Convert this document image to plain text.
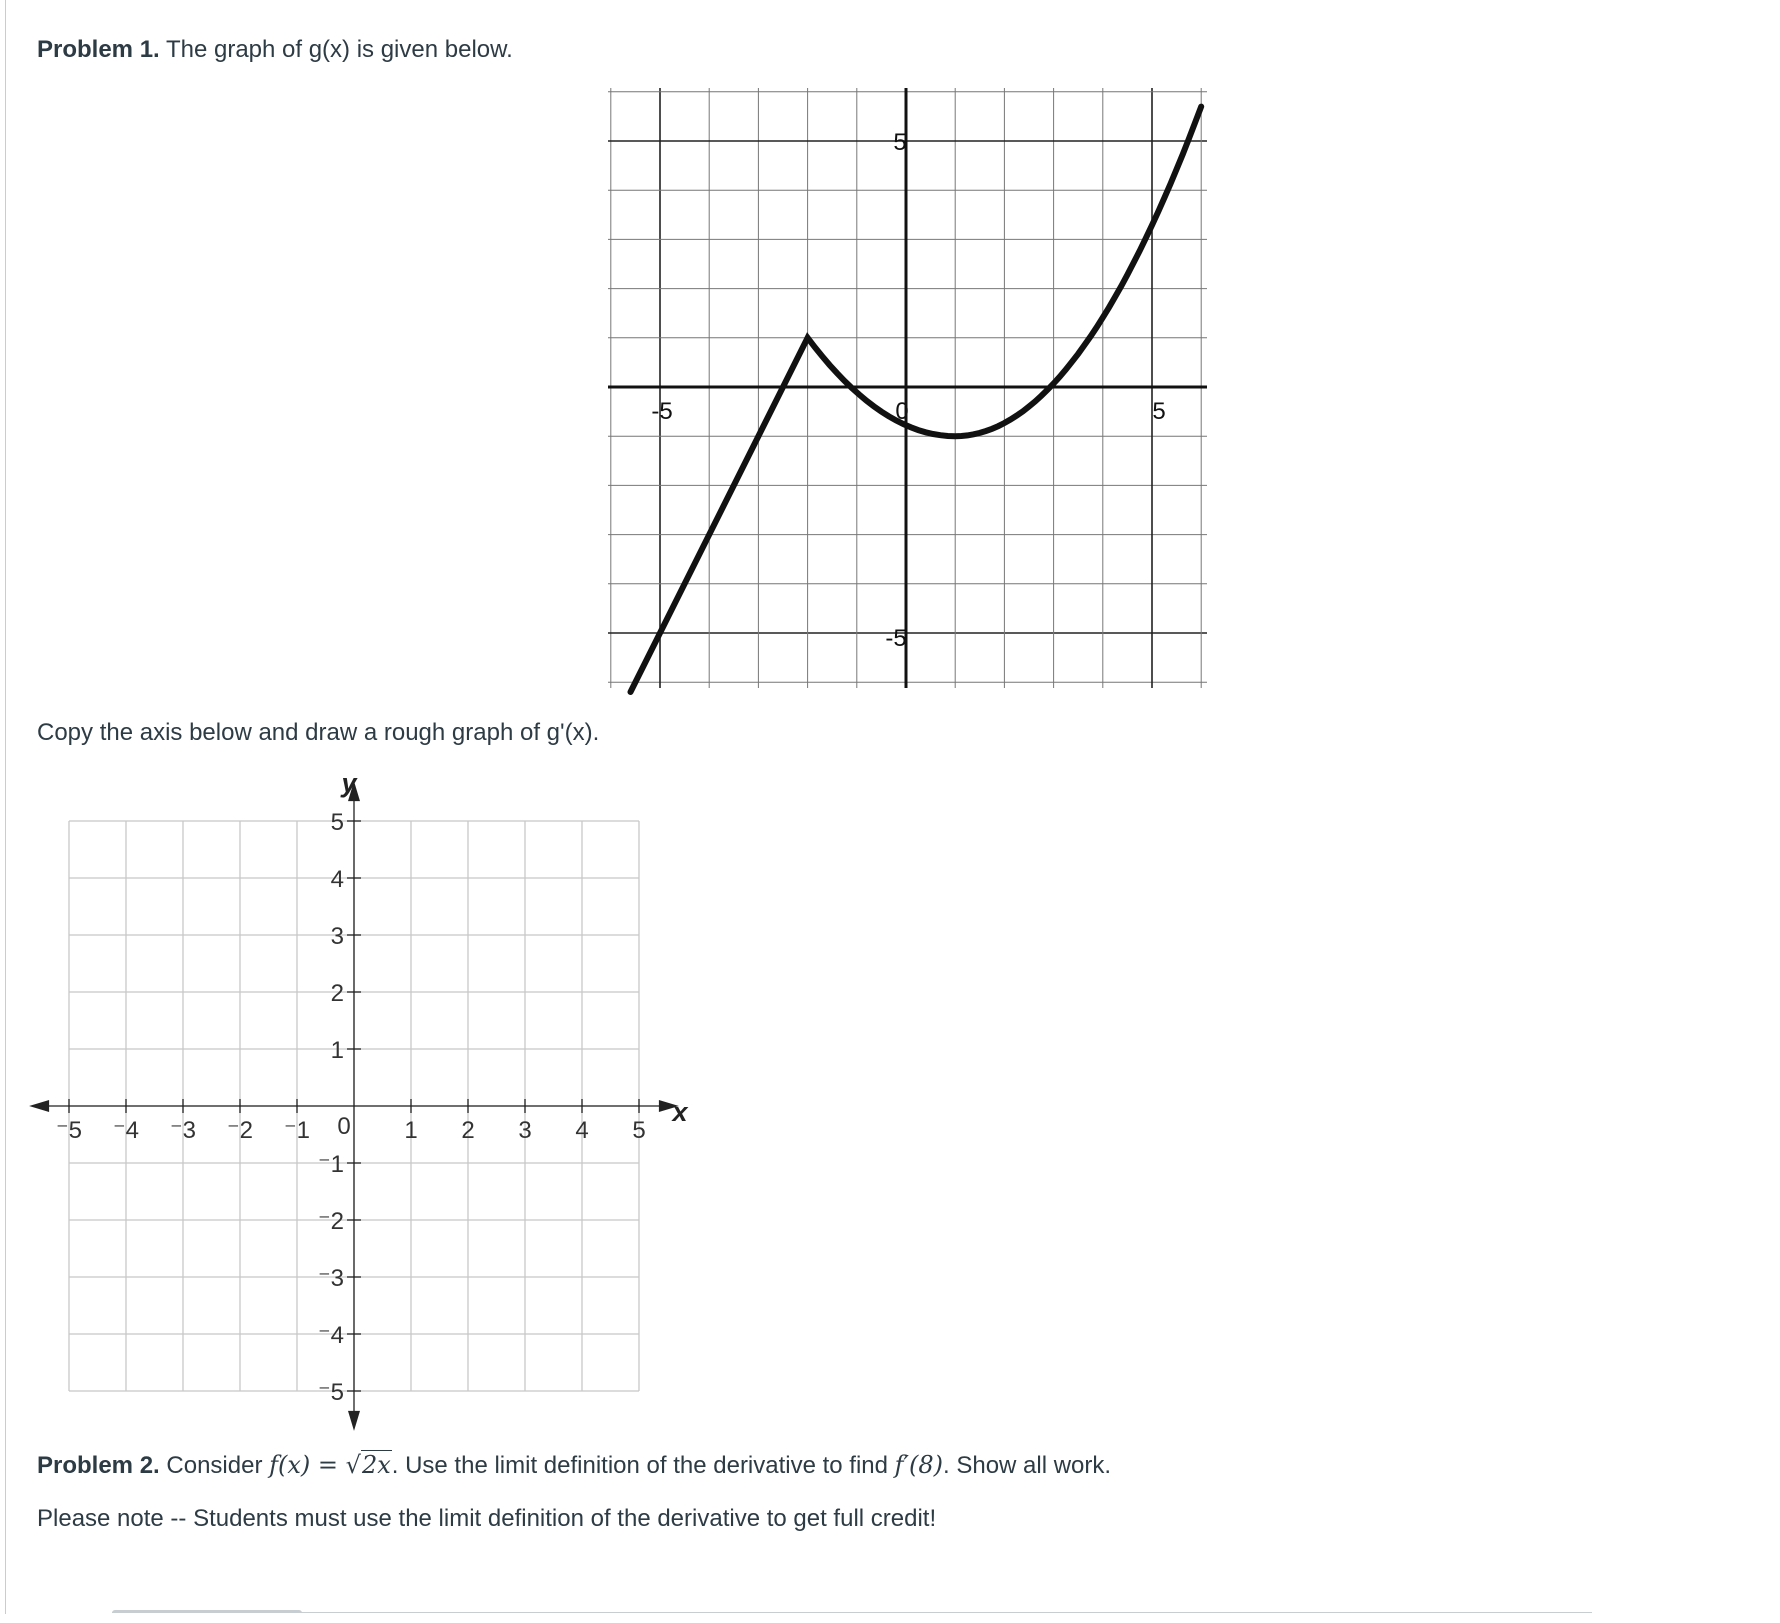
Problem 1. The graph of g(x) is given below.

-5	5
0
5
-5

Copy the axis below and draw a rough graph of g'(x).

y
x
⁻5 ⁻4 ⁻3 ⁻2 ⁻1 0 1 2 3 4 5
5
4
3
2
1
⁻1
⁻2
⁻3
⁻4
⁻5

Problem 2. Consider f(x) = √2x. Use the limit definition of the derivative to find f′(8). Show all work.

Please note -- Students must use the limit definition of the derivative to get full credit!
